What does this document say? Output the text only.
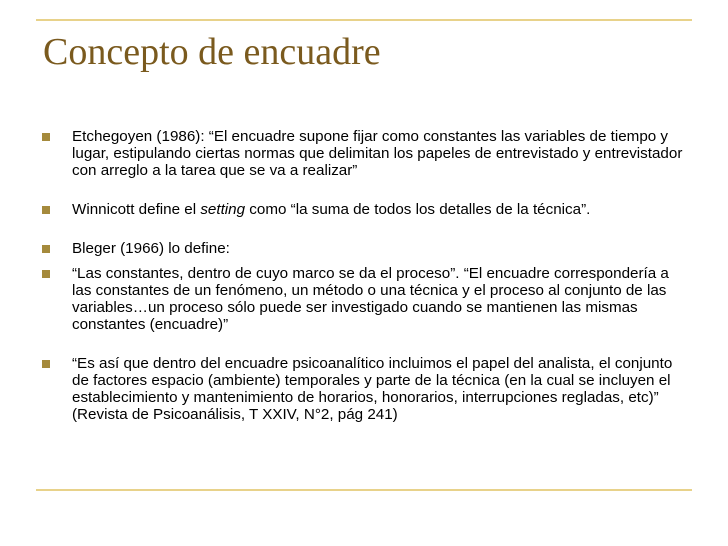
Concepto de encuadre
Etchegoyen (1986): “El encuadre supone fijar como constantes las variables de tiempo y lugar, estipulando ciertas normas que delimitan los papeles de entrevistado y entrevistador con arreglo a la tarea que se va a realizar”
Winnicott define el setting como “la suma de todos los detalles de la técnica”.
Bleger (1966) lo define:
“Las constantes, dentro de cuyo marco se da el proceso”. “El encuadre correspondería a las constantes de un fenómeno, un método o una técnica y el proceso al conjunto de las variables…un proceso sólo puede ser investigado cuando se mantienen las mismas constantes (encuadre)”
“Es así que dentro del encuadre psicoanalítico incluimos el papel del analista, el conjunto de factores espacio (ambiente) temporales y parte de la técnica (en la cual se incluyen el establecimiento y mantenimiento de horarios, honorarios, interrupciones regladas, etc)” (Revista de Psicoanálisis, T XXIV, N°2, pág 241)
